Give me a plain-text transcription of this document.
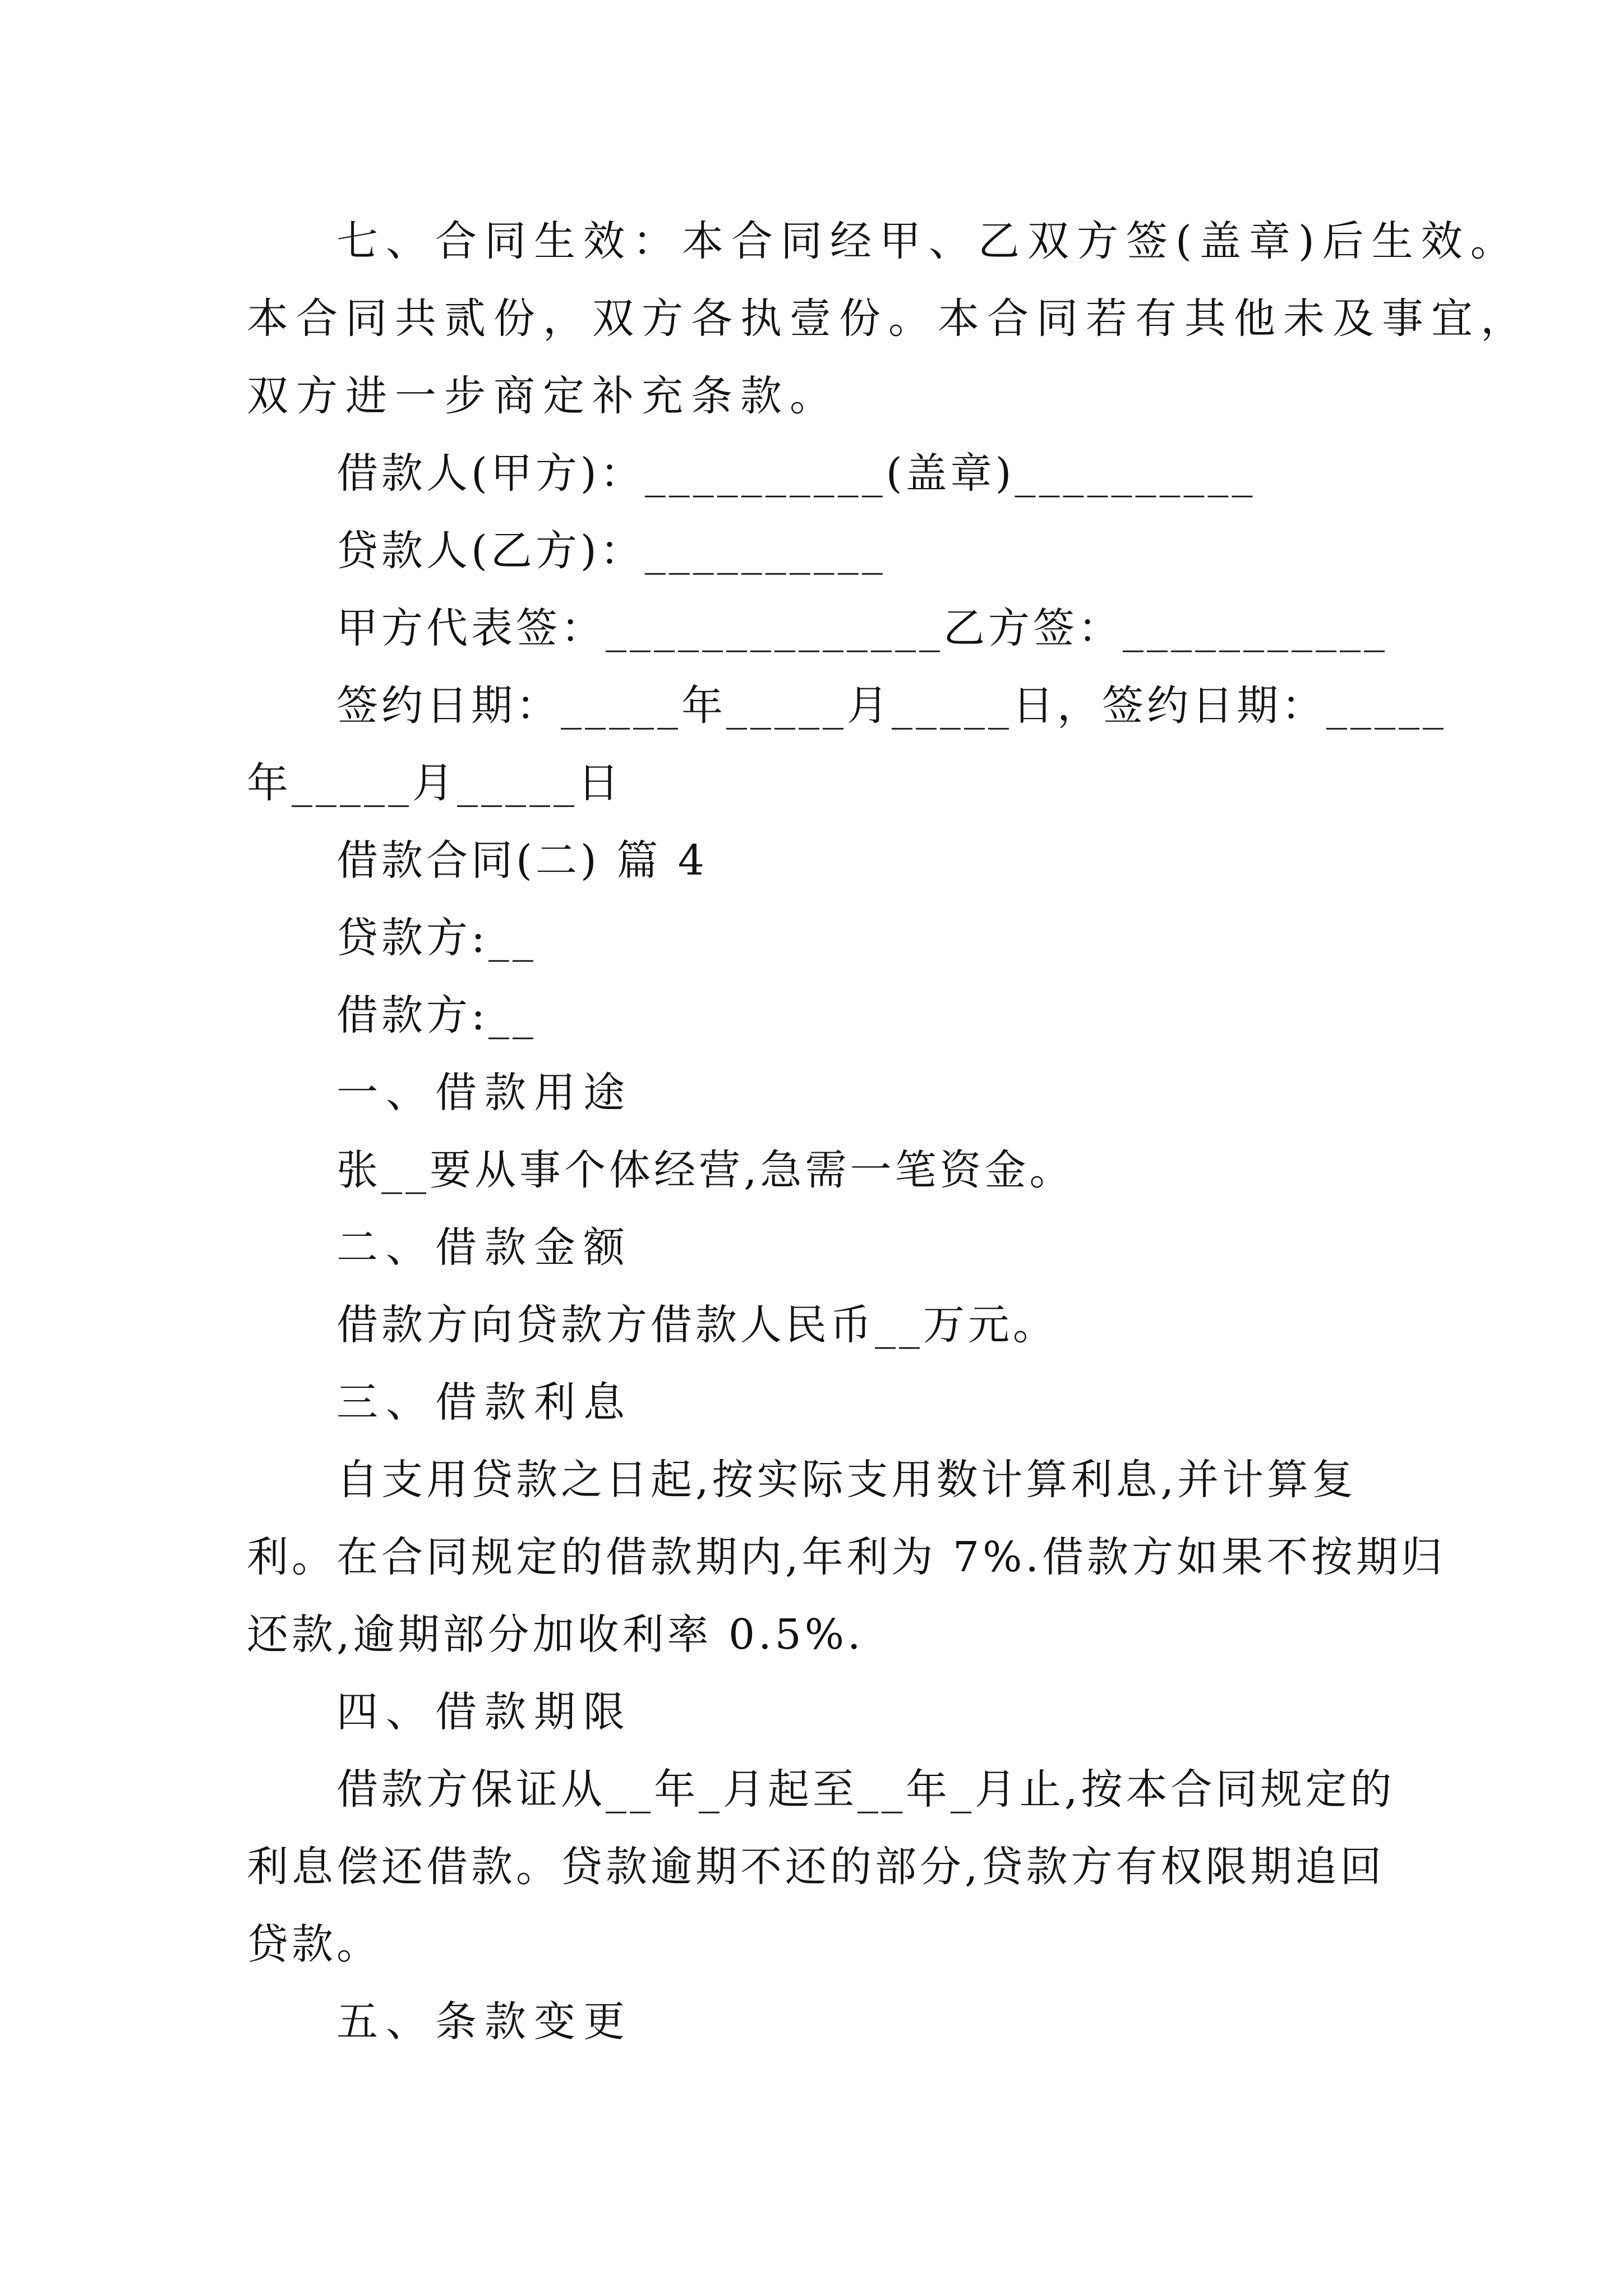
七、合同生效：本合同经甲、乙双方签(盖章)后生效。
本合同共贰份，双方各执壹份。本合同若有其他未及事宜，
双方进一步商定补充条款。
借款人(甲方)：__________(盖章)__________
贷款人(乙方)：__________
甲方代表签：______________乙方签：___________
签约日期：_____年_____月_____日，签约日期：_____
年_____月_____日
借款合同(二) 篇 4
贷款方:__
借款方:__
一、借款用途
张__要从事个体经营,急需一笔资金。
二、借款金额
借款方向贷款方借款人民币__万元。
三、借款利息
自支用贷款之日起,按实际支用数计算利息,并计算复
利。在合同规定的借款期内,年利为 7%.借款方如果不按期归
还款,逾期部分加收利率 0.5%.
四、借款期限
借款方保证从__年_月起至__年_月止,按本合同规定的
利息偿还借款。贷款逾期不还的部分,贷款方有权限期追回
贷款。
五、条款变更
